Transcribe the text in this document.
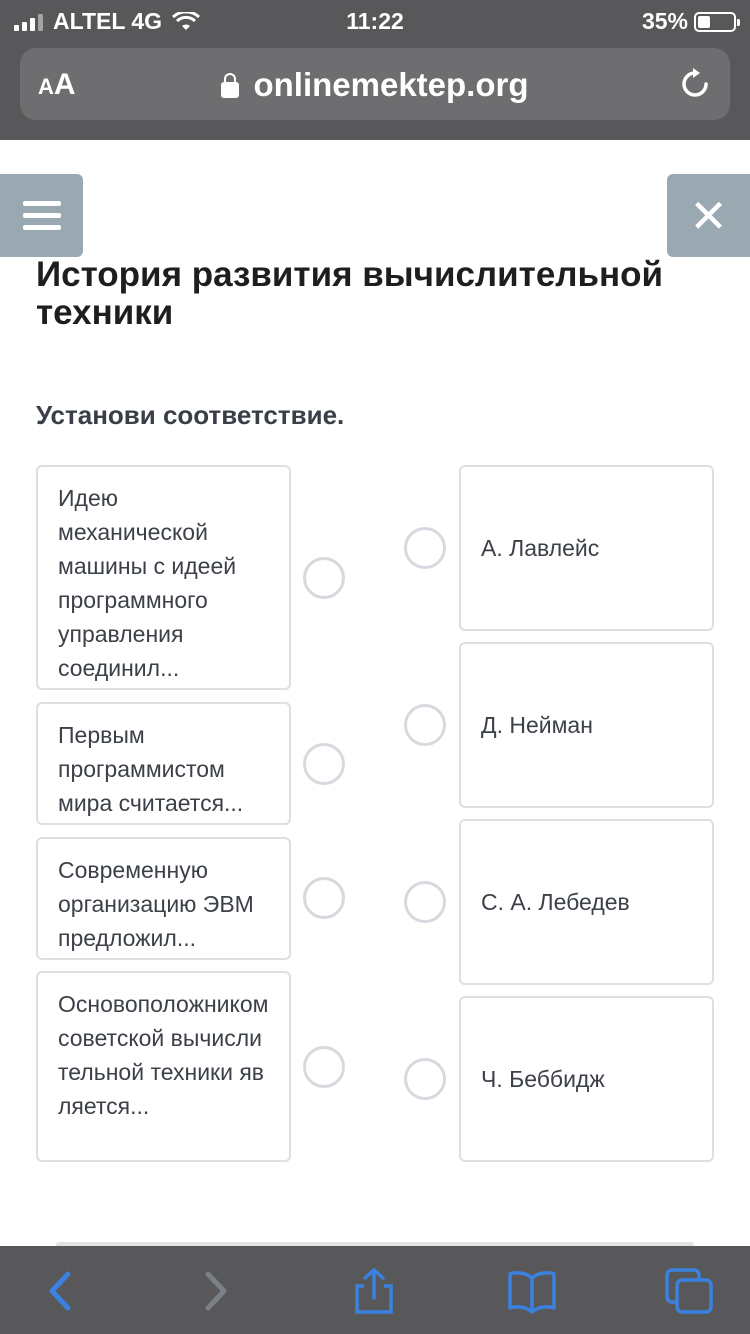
ALTEL 4G	11:22	35%
AA	onlinemektep.org
✕
История развития вычислительной техники
Установи соответствие.
Идею механической машины с идеей программного управления соединил...
Первым программистом мира считается...
Современную организацию ЭВМ предложил...
Основоположником советской вычислительной техники является...
А. Лавлейс
Д. Нейман
С. А. Лебедев
Ч. Беббидж
